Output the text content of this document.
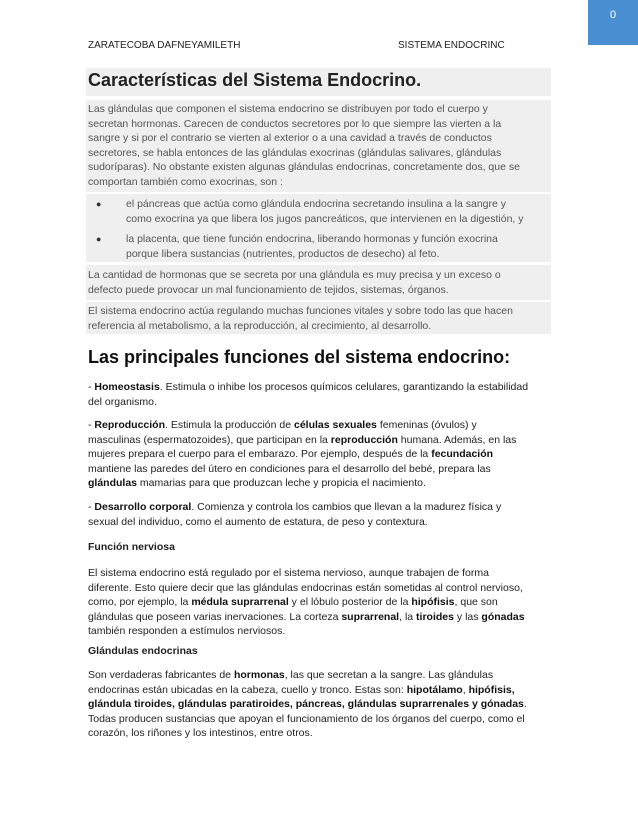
0
ZARATECOBA DAFNEYAMILETH	SISTEMA ENDOCRINC
Características del Sistema Endocrino.
Las glándulas que componen el sistema endocrino se distribuyen por todo el cuerpo y
secretan hormonas. Carecen de conductos secretores por lo que siempre las vierten a la
sangre y si por el contrario se vierten al exterior o a una cavidad a través de conductos
secretores, se habla entonces de las glándulas exocrinas (glándulas salivares, glándulas
sudoríparas). No obstante existen algunas glándulas endocrinas, concretamente dos, que se
comportan también como exocrinas, son :
● el páncreas que actúa como glándula endocrina secretando insulina a la sangre y
como exocrina ya que libera los jugos pancreáticos, que intervienen en la digestión, y
● la placenta, que tiene función endocrina, liberando hormonas y función exocrina
porque libera sustancias (nutrientes, productos de desecho) al feto.
La cantidad de hormonas que se secreta por una glándula es muy precisa y un exceso o
defecto puede provocar un mal funcionamiento de tejidos, sistemas, órganos.
El sistema endocrino actúa regulando muchas funciones vitales y sobre todo las que hacen
referencia al metabolismo, a la reproducción, al crecimiento, al desarrollo.
Las principales funciones del sistema endocrino:
- Homeostasis. Estimula o inhibe los procesos químicos celulares, garantizando la estabilidad
del organismo.
- Reproducción. Estimula la producción de células sexuales femeninas (óvulos) y
masculinas (espermatozoides), que participan en la reproducción humana. Además, en las
mujeres prepara el cuerpo para el embarazo. Por ejemplo, después de la fecundación
mantiene las paredes del útero en condiciones para el desarrollo del bebé, prepara las
glándulas mamarias para que produzcan leche y propicia el nacimiento.
- Desarrollo corporal. Comienza y controla los cambios que llevan a la madurez física y
sexual del individuo, como el aumento de estatura, de peso y contextura.
Función nerviosa
El sistema endocrino está regulado por el sistema nervioso, aunque trabajen de forma
diferente. Esto quiere decir que las glándulas endocrinas están sometidas al control nervioso,
como, por ejemplo, la médula suprarrenal y el lóbulo posterior de la hipófisis, que son
glándulas que poseen varias inervaciones. La corteza suprarrenal, la tiroides y las gónadas
también responden a estímulos nerviosos.
Glándulas endocrinas
Son verdaderas fabricantes de hormonas, las que secretan a la sangre. Las glándulas
endocrinas están ubicadas en la cabeza, cuello y tronco. Estas son: hipotálamo, hipófisis,
glándula tiroides, glándulas paratiroides, páncreas, glándulas suprarrenales y gónadas.
Todas producen sustancias que apoyan el funcionamiento de los órganos del cuerpo, como el
corazón, los riñones y los intestinos, entre otros.
